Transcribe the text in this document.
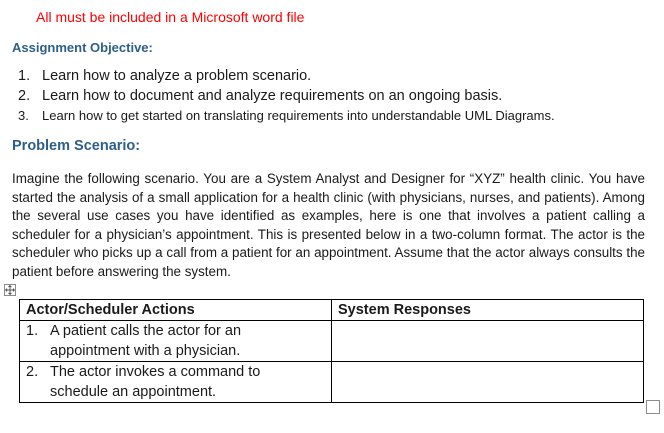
All must be included in a Microsoft word file
Assignment Objective:
1. Learn how to analyze a problem scenario.
2. Learn how to document and analyze requirements on an ongoing basis.
3. Learn how to get started on translating requirements into understandable UML Diagrams.
Problem Scenario:

Imagine the following scenario. You are a System Analyst and Designer for “XYZ” health clinic. You have started the analysis of a small application for a health clinic (with physicians, nurses, and patients). Among the several use cases you have identified as examples, here is one that involves a patient calling a scheduler for a physician’s appointment. This is presented below in a two-column format. The actor is the scheduler who picks up a call from a patient for an appointment. Assume that the actor always consults the patient before answering the system.

Actor/Scheduler Actions	System Responses

1. A patient calls the actor for an
appointment with a physician.	

2. The actor invokes a command to
schedule an appointment.	
